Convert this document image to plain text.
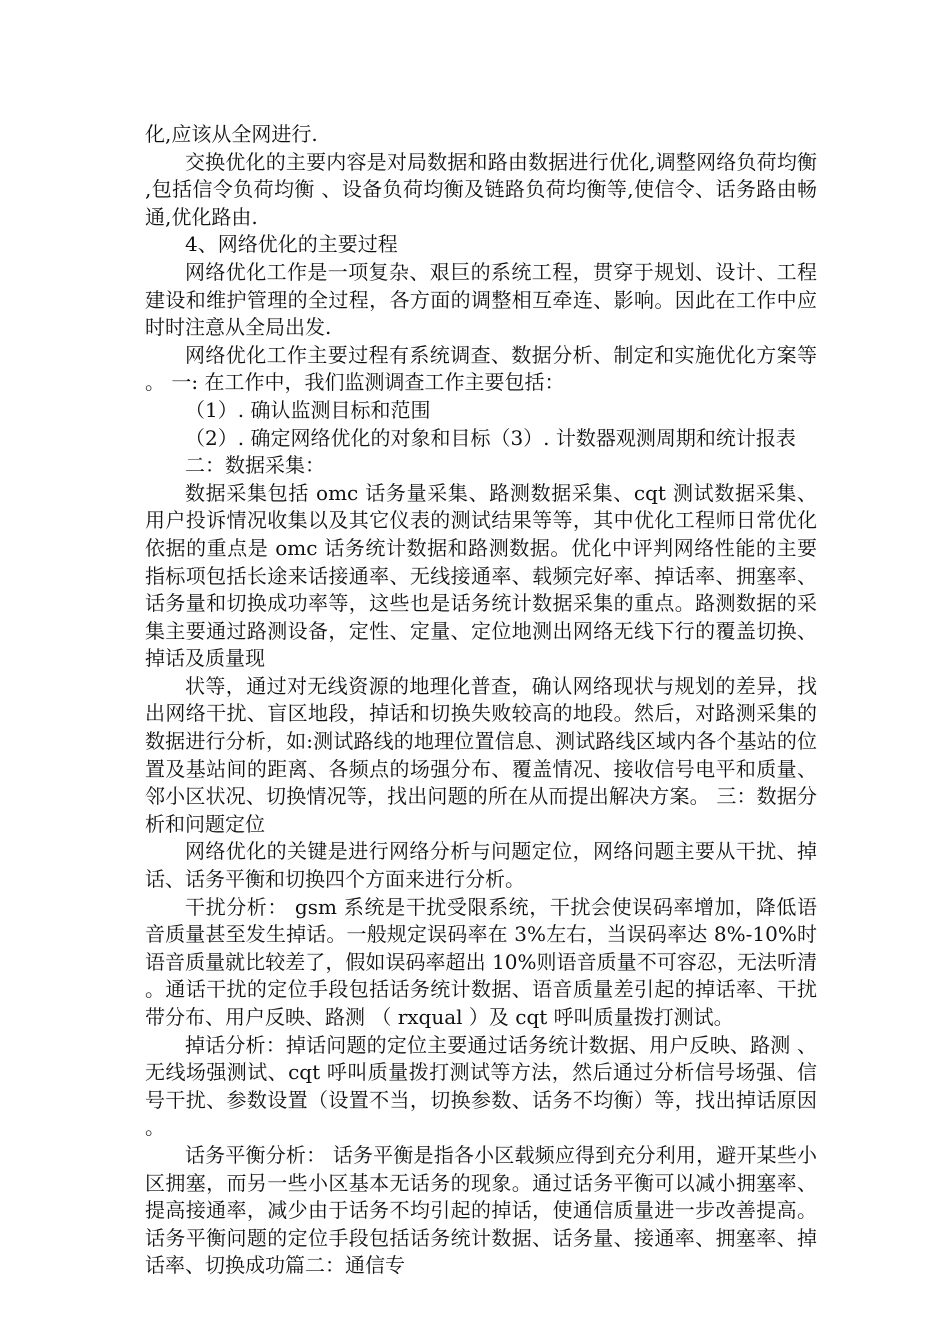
化,应该从全网进行.

交换优化的主要内容是对局数据和路由数据进行优化,调整网络负荷均衡,包括信令负荷均衡 、设备负荷均衡及链路负荷均衡等,使信令、话务路由畅通,优化路由.

4、网络优化的主要过程

网络优化工作是一项复杂、艰巨的系统工程，贯穿于规划、设计、工程建设和维护管理的全过程，各方面的调整相互牵连、影响。因此在工作中应时时注意从全局出发.

网络优化工作主要过程有系统调查、数据分析、制定和实施优化方案等。 一: 在工作中，我们监测调查工作主要包括：

（1）. 确认监测目标和范围

（2）. 确定网络优化的对象和目标（3）. 计数器观测周期和统计报表

二：数据采集：

数据采集包括 omc 话务量采集、路测数据采集、cqt 测试数据采集、用户投诉情况收集以及其它仪表的测试结果等等，其中优化工程师日常优化依据的重点是 omc 话务统计数据和路测数据。优化中评判网络性能的主要指标项包括长途来话接通率、无线接通率、载频完好率、掉话率、拥塞率、话务量和切换成功率等，这些也是话务统计数据采集的重点。路测数据的采集主要通过路测设备，定性、定量、定位地测出网络无线下行的覆盖切换、掉话及质量现

状等，通过对无线资源的地理化普查，确认网络现状与规划的差异，找出网络干扰、盲区地段，掉话和切换失败较高的地段。然后，对路测采集的数据进行分析，如:测试路线的地理位置信息、测试路线区域内各个基站的位置及基站间的距离、各频点的场强分布、覆盖情况、接收信号电平和质量、邻小区状况、切换情况等，找出问题的所在从而提出解决方案。 三：数据分析和问题定位

网络优化的关键是进行网络分析与问题定位，网络问题主要从干扰、掉话、话务平衡和切换四个方面来进行分析。

干扰分析： gsm 系统是干扰受限系统，干扰会使误码率增加，降低语音质量甚至发生掉话。一般规定误码率在 3%左右，当误码率达 8%-10%时语音质量就比较差了，假如误码率超出 10%则语音质量不可容忍，无法听清。通话干扰的定位手段包括话务统计数据、语音质量差引起的掉话率、干扰带分布、用户反映、路测 （ rxqual ）及 cqt 呼叫质量拨打测试。

掉话分析：掉话问题的定位主要通过话务统计数据、用户反映、路测 、无线场强测试、cqt 呼叫质量拨打测试等方法，然后通过分析信号场强、信号干扰、参数设置（设置不当，切换参数、话务不均衡）等，找出掉话原因。

话务平衡分析： 话务平衡是指各小区载频应得到充分利用，避开某些小区拥塞，而另一些小区基本无话务的现象。通过话务平衡可以减小拥塞率、提高接通率，减少由于话务不均引起的掉话，使通信质量进一步改善提高。话务平衡问题的定位手段包括话务统计数据、话务量、接通率、拥塞率、掉话率、切换成功篇二：通信专
